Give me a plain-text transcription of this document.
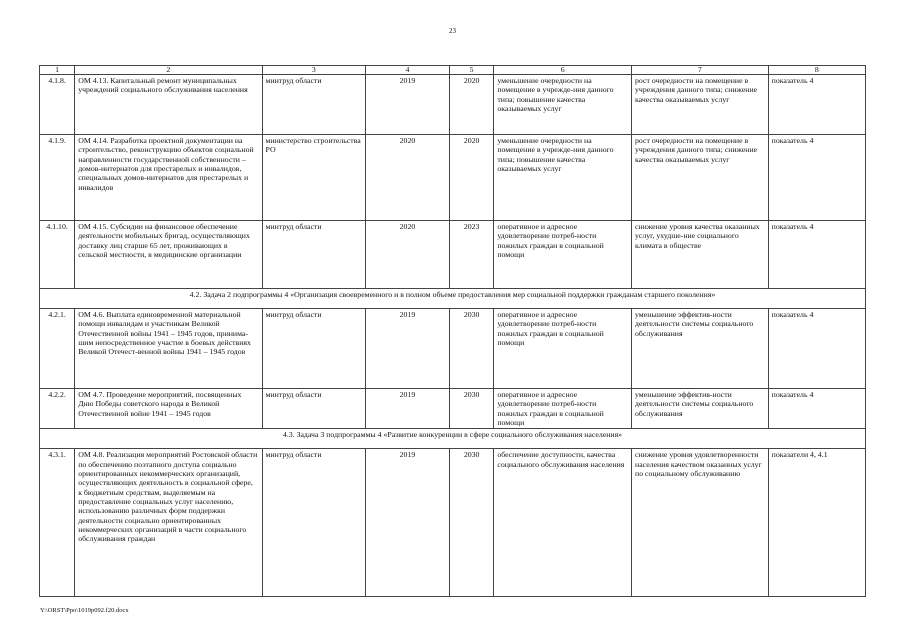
23
1	2	3	4	5	6	7	8
4.1.8.	ОМ 4.13. Капитальный ремонт муниципальных учреждений социального обслуживания населения	минтруд области	2019	2020	уменьшение очередности на помещение в учрежде-ния данного типа; повышение качества оказываемых услуг	рост очередности на помещение в учреждения данного типа; снижение качества оказываемых услуг	показатель 4
4.1.9.	ОМ 4.14. Разработка проектной документации на строительство, реконструкцию объектов социальной направленности государственной собственности – домов-интернатов для престарелых и инвалидов, специальных домов-интернатов для престарелых и инвалидов	министерство строительства РО	2020	2020	уменьшение очередности на помещение в учрежде-ния данного типа; повышение качества оказываемых услуг	рост очередности на помещение в учреждения данного типа; снижение качества оказываемых услуг	показатель 4
4.1.10.	ОМ 4.15. Субсидии на финансовое обеспечение деятельности мобильных бригад, осуществляющих доставку лиц старше 65 лет, проживающих в сельской местности, в медицинские организации	минтруд области	2020	2023	оперативное и адресное удовлетворение потреб-ности пожилых граждан в социальной помощи	снижение уровня качества оказанных услуг, ухудше-ние социального климата в обществе	показатель 4
4.2. Задача 2 подпрограммы 4 «Организация своевременного и в полном объеме предоставления мер социальной поддержки гражданам старшего поколения»							
4.2.1.	ОМ 4.6. Выплата единовременной материальной помощи инвалидам и участникам Великой Отечественной войны 1941 – 1945 годов, принима-шим непосредственное участие в боевых действиях Великой Отечест-венной войны 1941 – 1945 годов	минтруд области	2019	2030	оперативное и адресное удовлетворение потреб-ности пожилых граждан в социальной помощи	уменьшение эффектив-ности деятельности системы социального обслуживания	показатель 4
4.2.2.	ОМ 4.7. Проведение мероприятий, посвященных Дню Победы советского народа в Великой Отечественной войне 1941 – 1945 годов	минтруд области	2019	2030	оперативное и адресное удовлетворение потреб-ности пожилых граждан в социальной помощи	уменьшение эффектив-ности деятельности системы социального обслуживания	показатель 4
4.3. Задача 3 подпрограммы 4 «Развитие конкуренции в сфере социального обслуживания населения»							
4.3.1.	ОМ 4.8. Реализация мероприятий Ростовской области по обеспечению поэтапного доступа социально ориентированных некоммерческих организаций, осуществляющих деятельность в социальной сфере, к бюджетным средствам, выделяемым на предоставление социальных услуг населению, использованию различных форм поддержки деятельности социально ориентированных некоммерческих организаций в части социального обслуживания граждан	минтруд области	2019	2030	обеспечение доступности, качества социального обслуживания населения	снижение уровня удовлетворенности населения качеством оказанных услуг по социальному обслуживанию	показатели 4, 4.1
Y:\ORST\Ppo\1019p092.f20.docx
